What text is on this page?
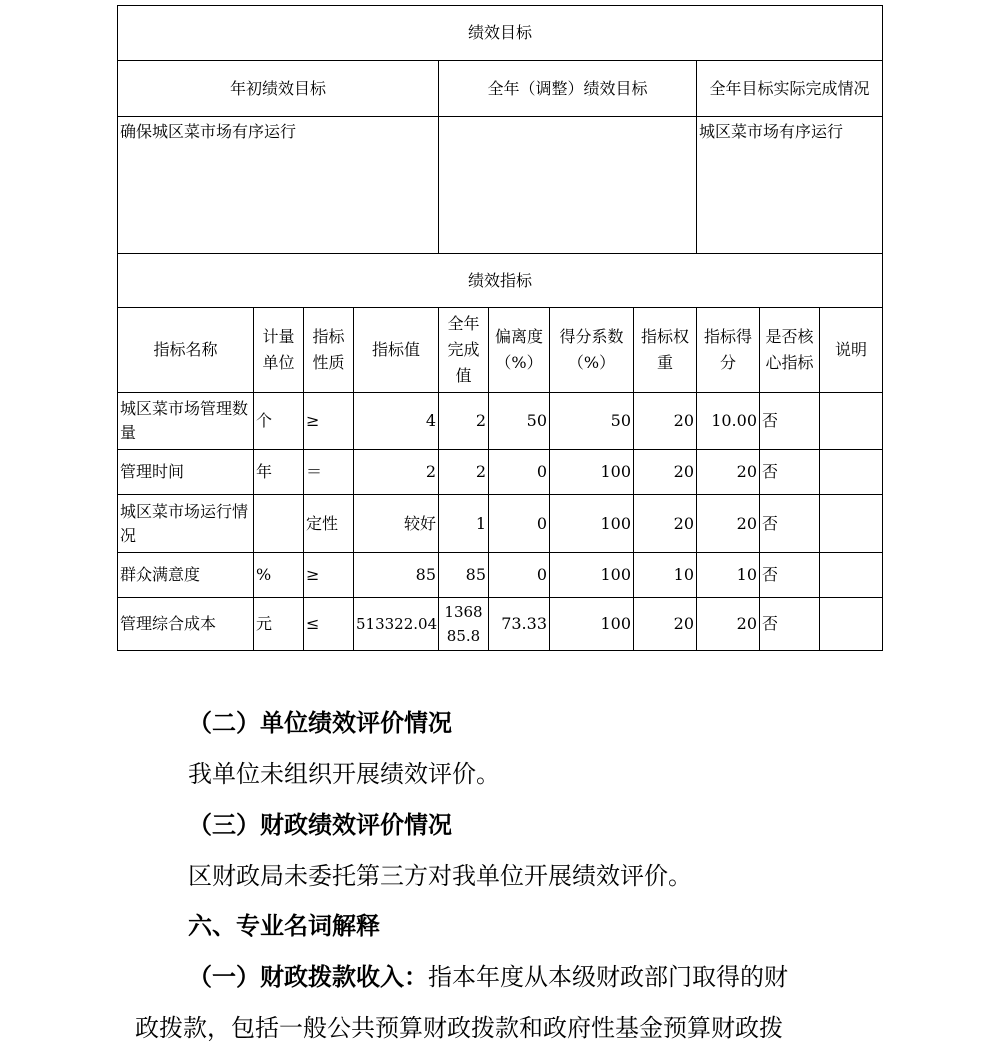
绩效目标										
年初绩效目标				全年（调整）绩效目标				全年目标实际完成情况		
确保城区菜市场有序运行								城区菜市场有序运行		
绩效指标										
指标名称	计量单位	指标性质	指标值	全年完成值	偏离度（%）	得分系数（%）	指标权重	指标得分	是否核心指标	说明
城区菜市场管理数量	个	≥	4	2	50	50	20	10.00	否	
管理时间	年	＝	2	2	0	100	20	20	否	
城区菜市场运行情况		定性	较好	1	0	100	20	20	否	
群众满意度	%	≥	85	85	0	100	10	10	否	
管理综合成本	元	≤	513322.04	136885.8	73.33	100	20	20	否	
（二）单位绩效评价情况
我单位未组织开展绩效评价。
（三）财政绩效评价情况
区财政局未委托第三方对我单位开展绩效评价。
六、专业名词解释
（一）财政拨款收入：指本年度从本级财政部门取得的财
政拨款，包括一般公共预算财政拨款和政府性基金预算财政拨
